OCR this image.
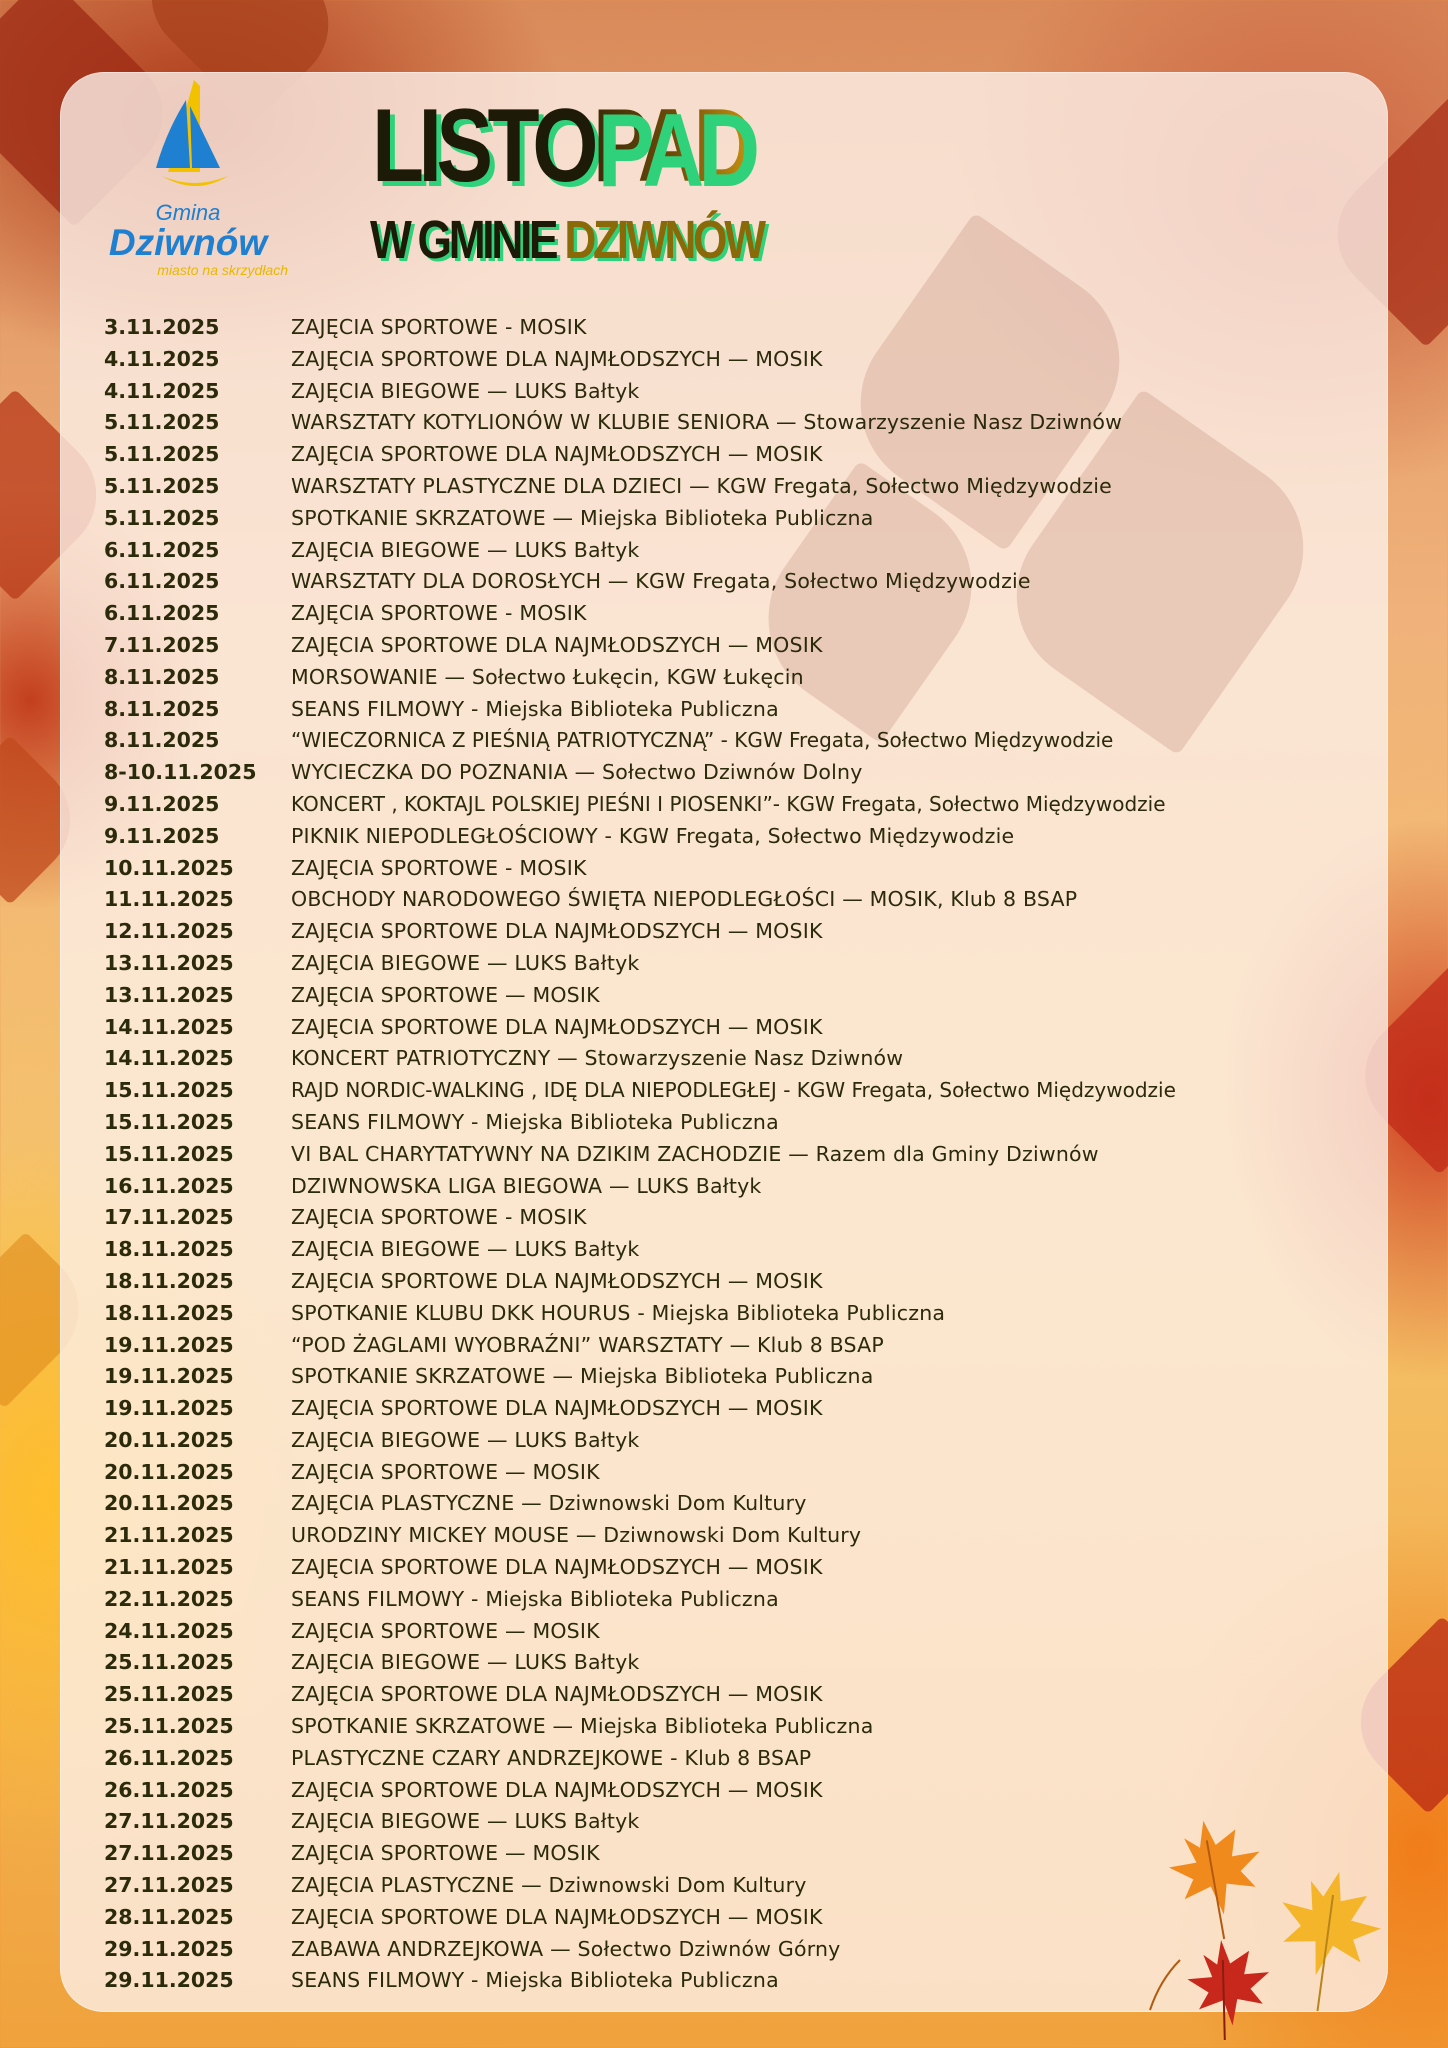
Gmina
Dziwnów
miasto na skrzydłach
LISTOPAD
W GMINIE DZIWNÓW
3.11.2025	ZAJĘCIA SPORTOWE - MOSIK
4.11.2025	ZAJĘCIA SPORTOWE DLA NAJMŁODSZYCH — MOSIK
4.11.2025	ZAJĘCIA BIEGOWE — LUKS Bałtyk
5.11.2025	WARSZTATY KOTYLIONÓW W KLUBIE SENIORA — Stowarzyszenie Nasz Dziwnów
5.11.2025	ZAJĘCIA SPORTOWE DLA NAJMŁODSZYCH — MOSIK
5.11.2025	WARSZTATY PLASTYCZNE DLA DZIECI — KGW Fregata, Sołectwo Międzywodzie
5.11.2025	SPOTKANIE SKRZATOWE — Miejska Biblioteka Publiczna
6.11.2025	ZAJĘCIA BIEGOWE — LUKS Bałtyk
6.11.2025	WARSZTATY DLA DOROSŁYCH — KGW Fregata, Sołectwo Międzywodzie
6.11.2025	ZAJĘCIA SPORTOWE - MOSIK
7.11.2025	ZAJĘCIA SPORTOWE DLA NAJMŁODSZYCH — MOSIK
8.11.2025	MORSOWANIE — Sołectwo Łukęcin, KGW Łukęcin
8.11.2025	SEANS FILMOWY - Miejska Biblioteka Publiczna
8.11.2025	“WIECZORNICA Z PIEŚNIĄ PATRIOTYCZNĄ” - KGW Fregata, Sołectwo Międzywodzie
8-10.11.2025 WYCIECZKA DO POZNANIA — Sołectwo Dziwnów Dolny
9.11.2025	KONCERT , KOKTAJL POLSKIEJ PIEŚNI I PIOSENKI”- KGW Fregata, Sołectwo Międzywodzie
9.11.2025	PIKNIK NIEPODLEGŁOŚCIOWY - KGW Fregata, Sołectwo Międzywodzie
10.11.2025	ZAJĘCIA SPORTOWE - MOSIK
11.11.2025	OBCHODY NARODOWEGO ŚWIĘTA NIEPODLEGŁOŚCI — MOSIK, Klub 8 BSAP
12.11.2025	ZAJĘCIA SPORTOWE DLA NAJMŁODSZYCH — MOSIK
13.11.2025	ZAJĘCIA BIEGOWE — LUKS Bałtyk
13.11.2025	ZAJĘCIA SPORTOWE — MOSIK
14.11.2025	ZAJĘCIA SPORTOWE DLA NAJMŁODSZYCH — MOSIK
14.11.2025	KONCERT PATRIOTYCZNY — Stowarzyszenie Nasz Dziwnów
15.11.2025	RAJD NORDIC-WALKING , IDĘ DLA NIEPODLEGŁEJ - KGW Fregata, Sołectwo Międzywodzie
15.11.2025	SEANS FILMOWY - Miejska Biblioteka Publiczna
15.11.2025	VI BAL CHARYTATYWNY NA DZIKIM ZACHODZIE — Razem dla Gminy Dziwnów
16.11.2025	DZIWNOWSKA LIGA BIEGOWA — LUKS Bałtyk
17.11.2025	ZAJĘCIA SPORTOWE - MOSIK
18.11.2025	ZAJĘCIA BIEGOWE — LUKS Bałtyk
18.11.2025	ZAJĘCIA SPORTOWE DLA NAJMŁODSZYCH — MOSIK
18.11.2025	SPOTKANIE KLUBU DKK HOURUS - Miejska Biblioteka Publiczna
19.11.2025	“POD ŻAGLAMI WYOBRAŹNI” WARSZTATY — Klub 8 BSAP
19.11.2025	SPOTKANIE SKRZATOWE — Miejska Biblioteka Publiczna
19.11.2025	ZAJĘCIA SPORTOWE DLA NAJMŁODSZYCH — MOSIK
20.11.2025	ZAJĘCIA BIEGOWE — LUKS Bałtyk
20.11.2025	ZAJĘCIA SPORTOWE — MOSIK
20.11.2025	ZAJĘCIA PLASTYCZNE — Dziwnowski Dom Kultury
21.11.2025	URODZINY MICKEY MOUSE — Dziwnowski Dom Kultury
21.11.2025	ZAJĘCIA SPORTOWE DLA NAJMŁODSZYCH — MOSIK
22.11.2025	SEANS FILMOWY - Miejska Biblioteka Publiczna
24.11.2025	ZAJĘCIA SPORTOWE — MOSIK
25.11.2025	ZAJĘCIA BIEGOWE — LUKS Bałtyk
25.11.2025	ZAJĘCIA SPORTOWE DLA NAJMŁODSZYCH — MOSIK
25.11.2025	SPOTKANIE SKRZATOWE — Miejska Biblioteka Publiczna
26.11.2025	PLASTYCZNE CZARY ANDRZEJKOWE - Klub 8 BSAP
26.11.2025	ZAJĘCIA SPORTOWE DLA NAJMŁODSZYCH — MOSIK
27.11.2025	ZAJĘCIA BIEGOWE — LUKS Bałtyk
27.11.2025	ZAJĘCIA SPORTOWE — MOSIK
27.11.2025	ZAJĘCIA PLASTYCZNE — Dziwnowski Dom Kultury
28.11.2025	ZAJĘCIA SPORTOWE DLA NAJMŁODSZYCH — MOSIK
29.11.2025	ZABAWA ANDRZEJKOWA — Sołectwo Dziwnów Górny
29.11.2025	SEANS FILMOWY - Miejska Biblioteka Publiczna
